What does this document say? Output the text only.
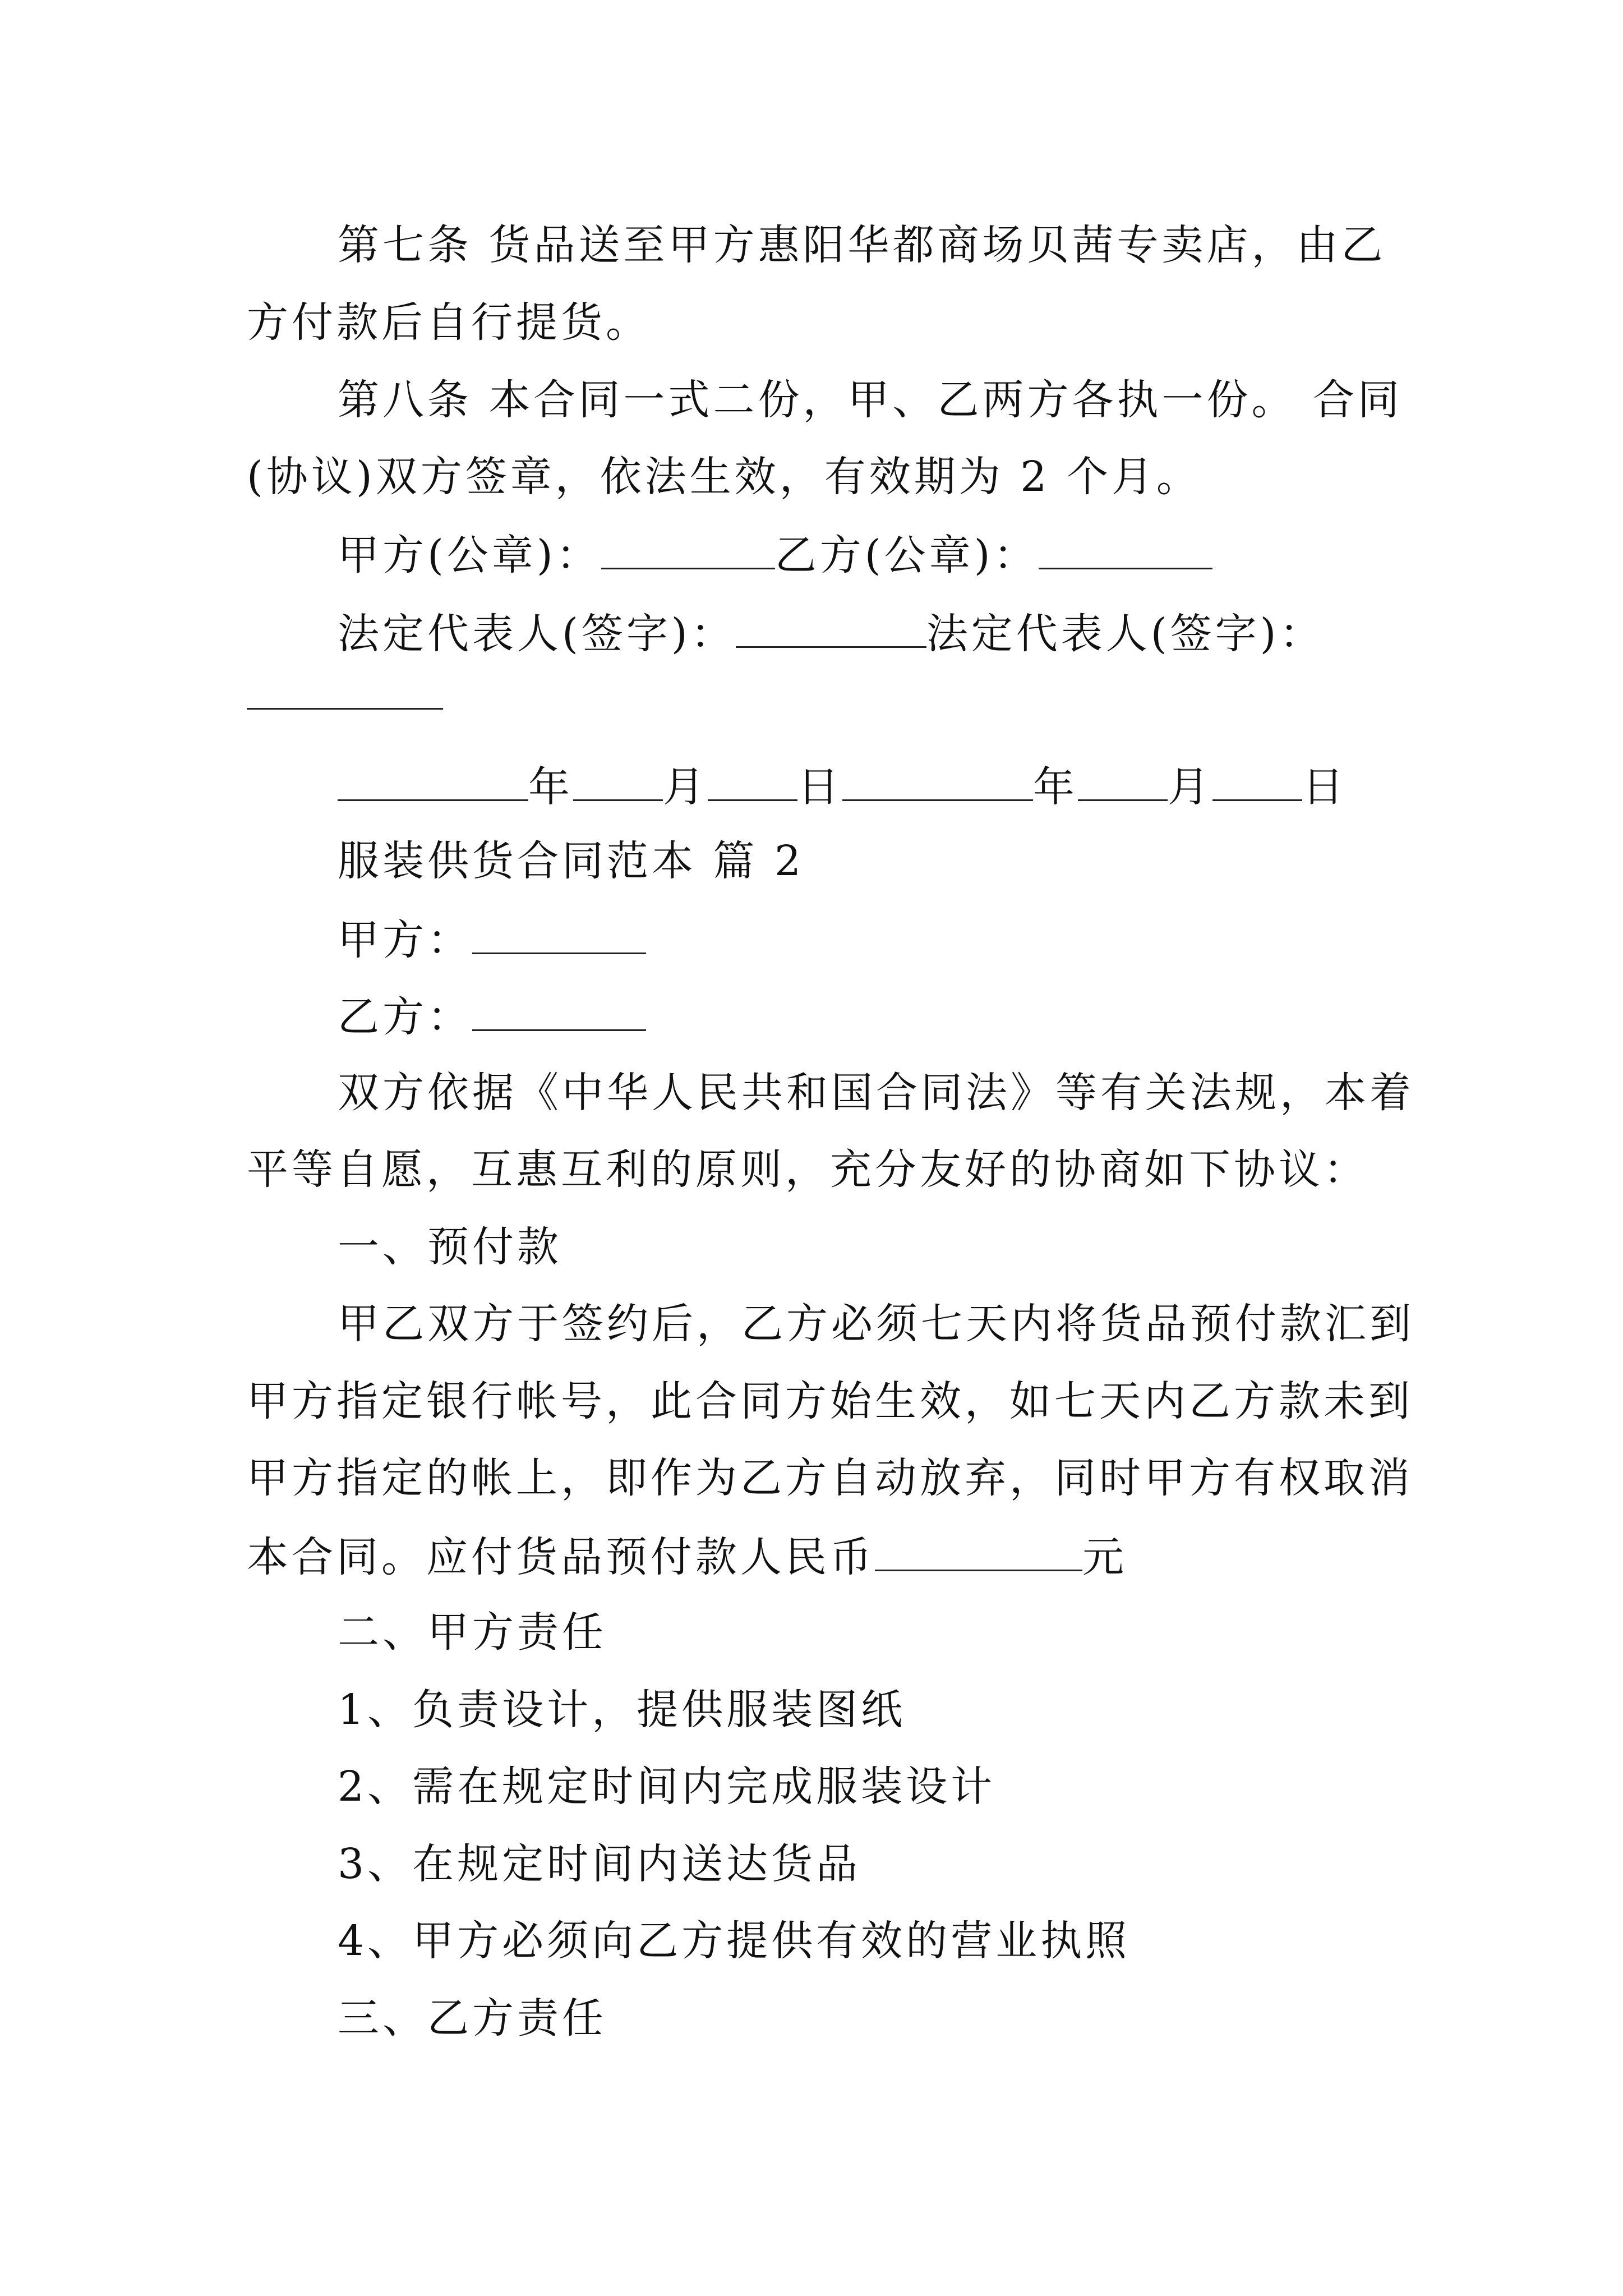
第七条 货品送至甲方惠阳华都商场贝茜专卖店，由乙
方付款后自行提货。
第八条 本合同一式二份，甲、乙两方各执一份。 合同
(协议)双方签章，依法生效，有效期为 2 个月。
甲方(公章)：	乙方(公章)：
法定代表人(签字)：	法定代表人(签字)：
年 月 日	年 月 日
服装供货合同范本 篇 2
甲方：
乙方：
双方依据《中华人民共和国合同法》等有关法规，本着
平等自愿，互惠互利的原则，充分友好的协商如下协议：
一、预付款
甲乙双方于签约后，乙方必须七天内将货品预付款汇到
甲方指定银行帐号，此合同方始生效，如七天内乙方款未到
甲方指定的帐上，即作为乙方自动放弃，同时甲方有权取消
本合同。应付货品预付款人民币	元
二、甲方责任
1、负责设计，提供服装图纸
2、需在规定时间内完成服装设计
3、在规定时间内送达货品
4、甲方必须向乙方提供有效的营业执照
三、乙方责任
